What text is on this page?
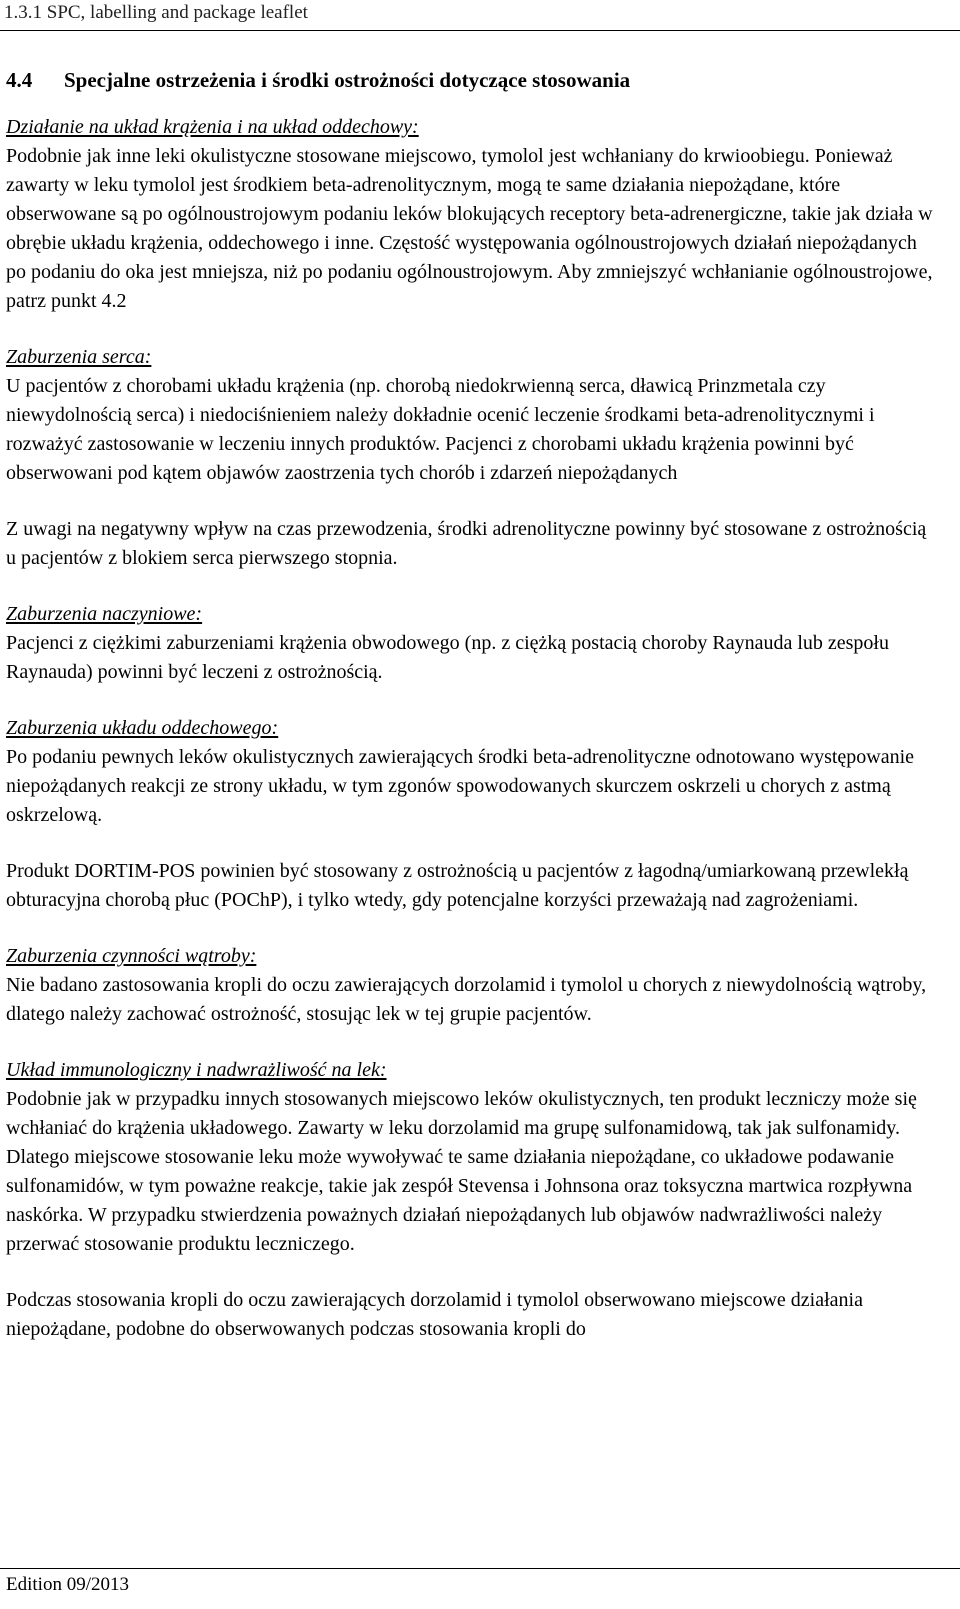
1.3.1 SPC, labelling and package leaflet
4.4 Specjalne ostrzeżenia i środki ostrożności dotyczące stosowania
Działanie na układ krążenia i na układ oddechowy:

Podobnie jak inne leki okulistyczne stosowane miejscowo, tymolol jest wchłaniany do krwioobiegu. Ponieważ zawarty w leku tymolol jest środkiem beta-adrenolitycznym, mogą te same działania niepożądane, które obserwowane są po ogólnoustrojowym podaniu leków blokujących receptory beta-adrenergiczne, takie jak działa w obrębie układu krążenia, oddechowego i inne. Częstość występowania ogólnoustrojowych działań niepożądanych po podaniu do oka jest mniejsza, niż po podaniu ogólnoustrojowym. Aby zmniejszyć wchłanianie ogólnoustrojowe, patrz punkt 4.2

Zaburzenia serca:

U pacjentów z chorobami układu krążenia (np. chorobą niedokrwienną serca, dławicą Prinzmetala czy niewydolnością serca) i niedociśnieniem należy dokładnie ocenić leczenie środkami beta-adrenolitycznymi i rozważyć zastosowanie w leczeniu innych produktów. Pacjenci z chorobami układu krążenia powinni być obserwowani pod kątem objawów zaostrzenia tych chorób i zdarzeń niepożądanych

Z uwagi na negatywny wpływ na czas przewodzenia, środki adrenolityczne powinny być stosowane z ostrożnością u pacjentów z blokiem serca pierwszego stopnia.

Zaburzenia naczyniowe:

Pacjenci z ciężkimi zaburzeniami krążenia obwodowego (np. z ciężką postacią choroby Raynauda lub zespołu Raynauda) powinni być leczeni z ostrożnością.

Zaburzenia układu oddechowego:

Po podaniu pewnych leków okulistycznych zawierających środki beta-adrenolityczne odnotowano występowanie niepożądanych reakcji ze strony układu, w tym zgonów spowodowanych skurczem oskrzeli u chorych z astmą oskrzelową.

Produkt DORTIM-POS powinien być stosowany z ostrożnością u pacjentów z łagodną/umiarkowaną przewlekłą obturacyjna chorobą płuc (POChP), i tylko wtedy, gdy potencjalne korzyści przeważają nad zagrożeniami.

Zaburzenia czynności wątroby:

Nie badano zastosowania kropli do oczu zawierających dorzolamid i tymolol u chorych z niewydolnością wątroby, dlatego należy zachować ostrożność, stosując lek w tej grupie pacjentów.

Układ immunologiczny i nadwrażliwość na lek:

Podobnie jak w przypadku innych stosowanych miejscowo leków okulistycznych, ten produkt leczniczy może się wchłaniać do krążenia układowego. Zawarty w leku dorzolamid ma grupę sulfonamidową, tak jak sulfonamidy. Dlatego miejscowe stosowanie leku może wywoływać te same działania niepożądane, co układowe podawanie sulfonamidów, w tym poważne reakcje, takie jak zespół Stevensa i Johnsona oraz toksyczna martwica rozpływna naskórka. W przypadku stwierdzenia poważnych działań niepożądanych lub objawów nadwrażliwości należy przerwać stosowanie produktu leczniczego.

Podczas stosowania kropli do oczu zawierających dorzolamid i tymolol obserwowano miejscowe działania niepożądane, podobne do obserwowanych podczas stosowania kropli do

Edition 09/2013
